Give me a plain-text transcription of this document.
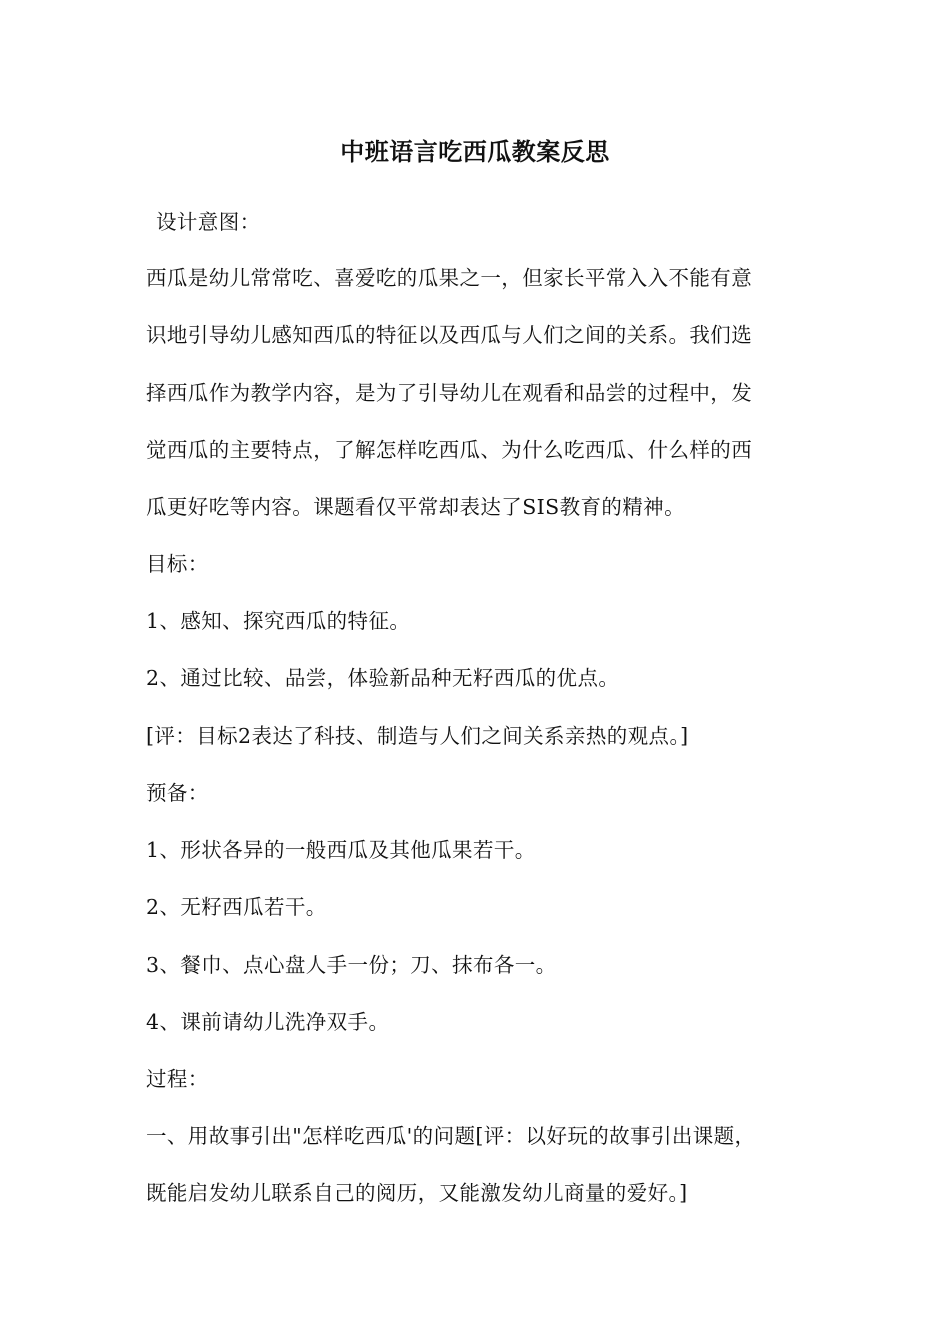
中班语言吃西瓜教案反思
设计意图：
西瓜是幼儿常常吃、喜爱吃的瓜果之一，但家长平常入入不能有意
识地引导幼儿感知西瓜的特征以及西瓜与人们之间的关系。我们选
择西瓜作为教学内容，是为了引导幼儿在观看和品尝的过程中，发
觉西瓜的主要特点，了解怎样吃西瓜、为什么吃西瓜、什么样的西
瓜更好吃等内容。课题看仅平常却表达了SIS教育的精神。
目标：
1、感知、探究西瓜的特征。
2、通过比较、品尝，体验新品种无籽西瓜的优点。
[评：目标2表达了科技、制造与人们之间关系亲热的观点。]
预备：
1、形状各异的一般西瓜及其他瓜果若干。
2、无籽西瓜若干。
3、餐巾、点心盘人手一份；刀、抹布各一。
4、课前请幼儿洗净双手。
过程：
一、用故事引出"怎样吃西瓜'的问题[评：以好玩的故事引出课题，
既能启发幼儿联系自己的阅历，又能激发幼儿商量的爱好。]
